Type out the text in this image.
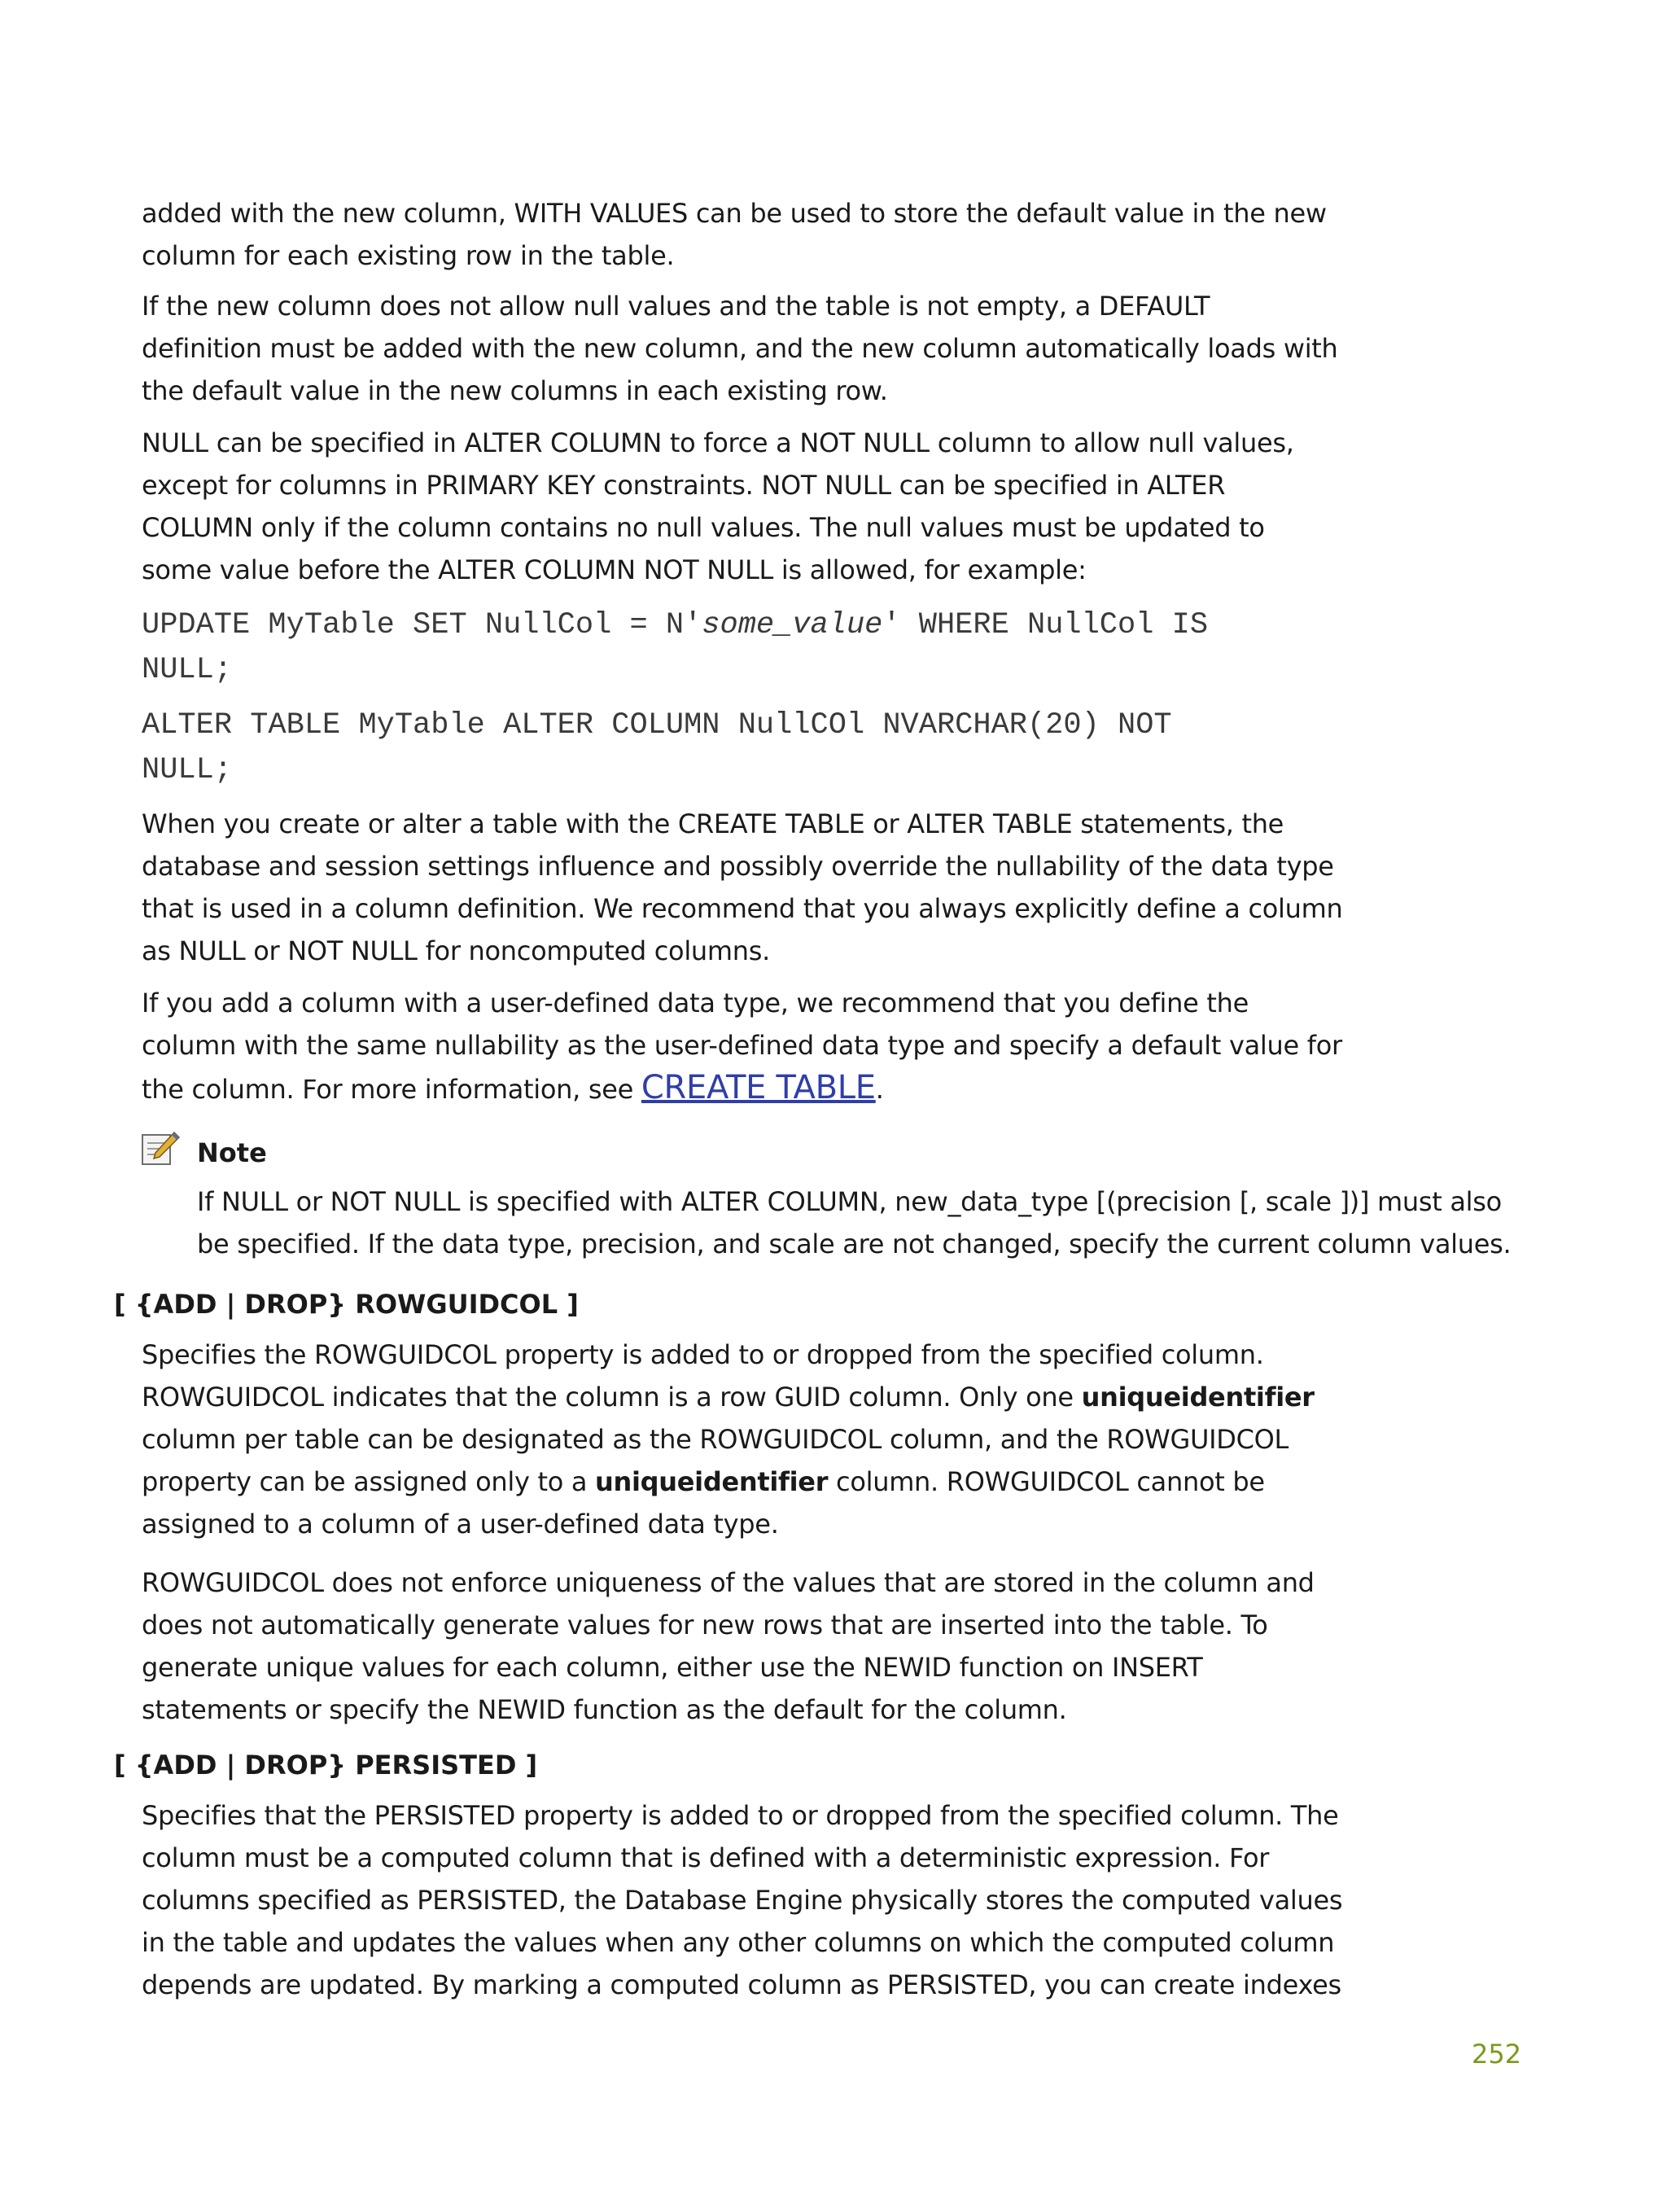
added with the new column, WITH VALUES can be used to store the default value in the new
column for each existing row in the table.

If the new column does not allow null values and the table is not empty, a DEFAULT
definition must be added with the new column, and the new column automatically loads with
the default value in the new columns in each existing row.

NULL can be specified in ALTER COLUMN to force a NOT NULL column to allow null values,
except for columns in PRIMARY KEY constraints. NOT NULL can be specified in ALTER
COLUMN only if the column contains no null values. The null values must be updated to
some value before the ALTER COLUMN NOT NULL is allowed, for example:

UPDATE MyTable SET NullCol = N'some_value' WHERE NullCol IS
NULL;
ALTER TABLE MyTable ALTER COLUMN NullCOl NVARCHAR(20) NOT
NULL;

When you create or alter a table with the CREATE TABLE or ALTER TABLE statements, the
database and session settings influence and possibly override the nullability of the data type
that is used in a column definition. We recommend that you always explicitly define a column
as NULL or NOT NULL for noncomputed columns.

If you add a column with a user-defined data type, we recommend that you define the
column with the same nullability as the user-defined data type and specify a default value for
the column. For more information, see CREATE TABLE.

Note

If NULL or NOT NULL is specified with ALTER COLUMN, new_data_type [(precision [, scale ])] must also
be specified. If the data type, precision, and scale are not changed, specify the current column values.

[ {ADD | DROP} ROWGUIDCOL ]

Specifies the ROWGUIDCOL property is added to or dropped from the specified column.
ROWGUIDCOL indicates that the column is a row GUID column. Only one uniqueidentifier
column per table can be designated as the ROWGUIDCOL column, and the ROWGUIDCOL
property can be assigned only to a uniqueidentifier column. ROWGUIDCOL cannot be
assigned to a column of a user-defined data type.

ROWGUIDCOL does not enforce uniqueness of the values that are stored in the column and
does not automatically generate values for new rows that are inserted into the table. To
generate unique values for each column, either use the NEWID function on INSERT
statements or specify the NEWID function as the default for the column.

[ {ADD | DROP} PERSISTED ]

Specifies that the PERSISTED property is added to or dropped from the specified column. The
column must be a computed column that is defined with a deterministic expression. For
columns specified as PERSISTED, the Database Engine physically stores the computed values
in the table and updates the values when any other columns on which the computed column
depends are updated. By marking a computed column as PERSISTED, you can create indexes

252
